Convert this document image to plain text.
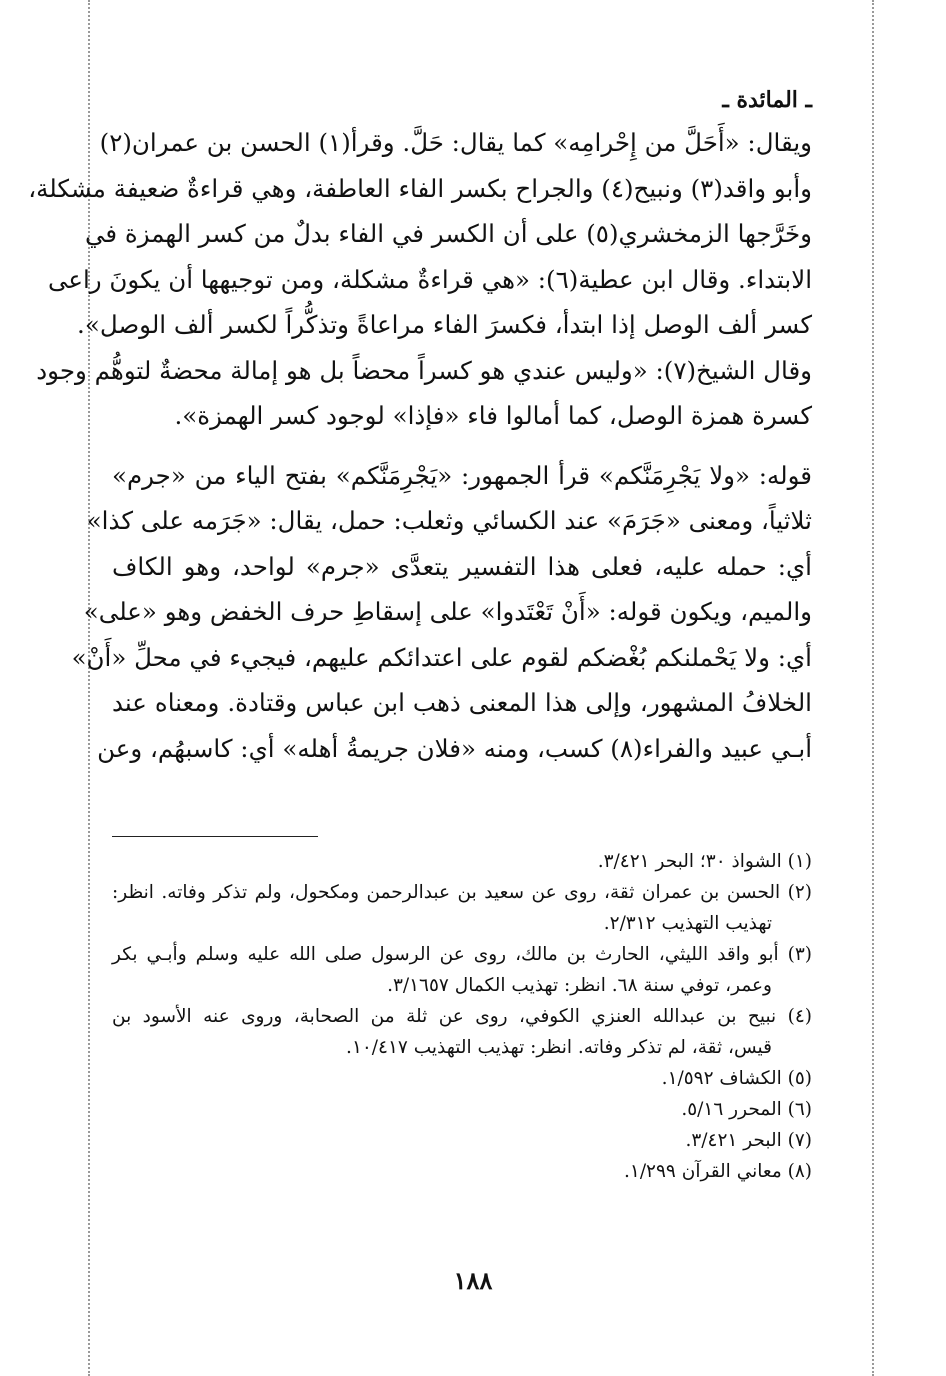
ـ المائدة ـ
ويقال: «أَحَلَّ من إِحْرامِه» كما يقال: حَلَّ. وقرأ(١) الحسن بن عمران(٢)
وأبو واقد(٣) ونبيح(٤) والجراح بكسر الفاء العاطفة، وهي قراءةٌ ضعيفة مشكلة،
وخَرَّجها الزمخشري(٥) على أن الكسر في الفاء بدلٌ من كسر الهمزة في
الابتداء. وقال ابن عطية(٦): «هي قراءةٌ مشكلة، ومن توجيهها أن يكونَ راعى
كسر ألف الوصل إذا ابتدأ، فكسرَ الفاء مراعاةً وتذكُّراً لكسر ألف الوصل».
وقال الشيخ(٧): «وليس عندي هو كسراً محضاً بل هو إمالة محضةٌ لتوهُّم وجود
كسرة همزة الوصل، كما أمالوا فاء «فإذا» لوجود كسر الهمزة».
قوله: «ولا يَجْرِمَنَّكم» قرأ الجمهور: «يَجْرِمَنَّكم» بفتح الياء من «جرم»
ثلاثياً، ومعنى «جَرَمَ» عند الكسائي وثعلب: حمل، يقال: «جَرَمه على كذا»
أي: حمله عليه، فعلى هذا التفسير يتعدَّى «جرم» لواحد، وهو الكاف
والميم، ويكون قوله: «أَنْ تَعْتَدوا» على إسقاطِ حرف الخفض وهو «على»
أي: ولا يَحْملنكم بُغْضكم لقوم على اعتدائكم عليهم، فيجيء في محلِّ «أَنْ»
الخلافُ المشهور، وإلى هذا المعنى ذهب ابن عباس وقتادة. ومعناه عند
أبـي عبيد والفراء(٨) كسب، ومنه «فلان جريمةُ أهله» أي: كاسبهُم، وعن
(١) الشواذ ٣٠؛ البحر ٣/٤٢١.
(٢) الحسن بن عمران ثقة، روى عن سعيد بن عبدالرحمن ومكحول، ولم تذكر وفاته. انظر:
تهذيب التهذيب ٢/٣١٢.
(٣) أبو واقد الليثي، الحارث بن مالك، روى عن الرسول صلى الله عليه وسلم وأبـي بكر
وعمر، توفي سنة ٦٨. انظر: تهذيب الكمال ٣/١٦٥٧.
(٤) نبيح بن عبدالله العنزي الكوفي، روى عن ثلة من الصحابة، وروى عنه الأسود بن
قيس، ثقة، لم تذكر وفاته. انظر: تهذيب التهذيب ١٠/٤١٧.
(٥) الكشاف ١/٥٩٢.
(٦) المحرر ٥/١٦.
(٧) البحر ٣/٤٢١.
(٨) معاني القرآن ١/٢٩٩.
١٨٨
